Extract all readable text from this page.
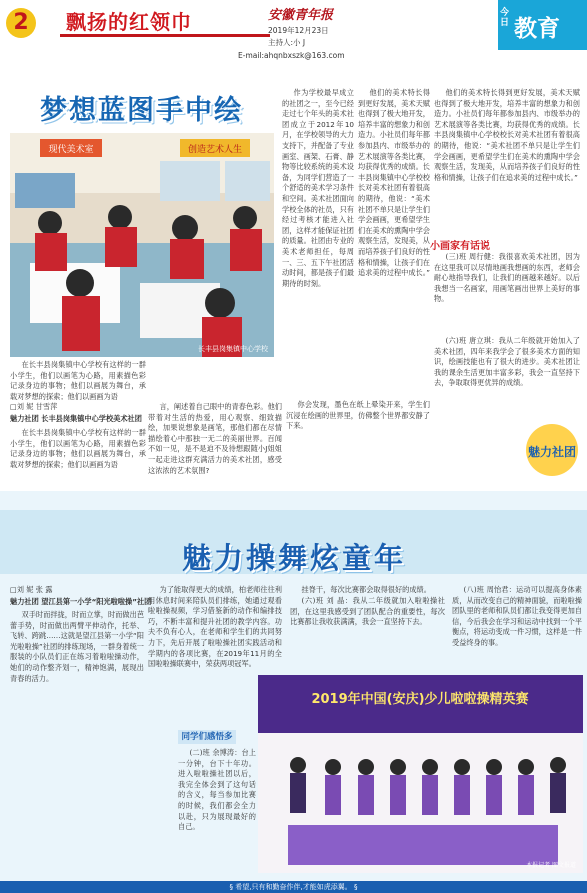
2	飘扬的红领巾	安徽青年报
2019年12月23日
主持人:小 J
E-mail:ahqnbxszk@163.com
今日 教育
梦想蓝图手中绘
现代美术室	创造艺术人生
长丰县岗集镇中心学校

在长丰县岗集镇中心学校有这样的一群小学生，他们以画笔为心路，用素描色彩记录身边的事物；他们以画展为舞台，承载对梦想的探索；他们以画画为语

□刘 妮 甘雪萍
魅力社团 长丰县岗集镇中心学校美术社团

在长丰县岗集镇中心学校有这样的一群小学生，他们以画笔为心路，用素描色彩记录身边的事物；他们以画展为舞台，承载对梦想的探索；他们以画画为语

言，阐述着自己眼中的青春色彩。他们带着对生活的热爱，用心观察、细致描绘，加果说想象是画笔，那他们都在尽情描绘着心中那独一无二的美丽世界。百闻不如一见，是不是迫不及待想跟随小J姐姐一起走进这群充满活力的美术社团，感受这浓浓的艺术氛围?

作为学校最早成立的社团之一，至今已经走过七个年头的美术社团成立于2012年10月，在学校领导的大力支持下，并配备了专业画室、画架、石膏、静物等比较系统的美术设备，为同学们营造了一个舒适的美术学习条件和空间。美术社团面向学校全体的社员，只有经过考核才能进入社团，这样才能保证社团的质量。社团由专业的美术老师担任，每周一、三、五下午社团活动时间，都是孩子们最期待的时刻。

他们的美术特长得到更好发展，美术天赋也得到了极大地开发，培养丰富的想象力和创造力。小社员们每年都参加县内、市级举办的艺术展演等各类比赛，均获得优秀的成绩。长丰县岗集镇中心学校校长对美术社团有着很高的期待，他说：“美术社团不单只是让学生们学会画画，更希望学生们在美术的熏陶中学会观察生活，发现美，从而培养孩子们良好的性格和情操，让孩子们在追求美的过程中成长。”

你会发现，墨色在纸上晕染开来，学生们沉浸在绘画的世界里，仿佛整个世界都安静了下来。

他们的美术特长得到更好发展，美术天赋也得到了极大地开发，培养丰富的想象力和创造力。小社员们每年都参加县内、市级举办的艺术展演等各类比赛，均获得优秀的成绩。长丰县岗集镇中心学校校长对美术社团有着很高的期待，他说：“美术社团不单只是让学生们学会画画，更希望学生们在美术的熏陶中学会观察生活，发现美，从而培养孩子们良好的性格和情操，让孩子们在追求美的过程中成长。”

小画家有话说

(三)班 周行健：我很喜欢美术社团，因为在这里我可以尽情地画我想画的东西，老师会耐心地指导我们，让我们的画越来越好。以后我想当一名画家，用画笔画出世界上美好的事物。

(六)班 唐立琪：我从二年级就开始加入了美术社团，四年来我学会了很多美术方面的知识，绘画技能也有了很大的进步。美术社团让我的课余生活更加丰富多彩，我会一直坚持下去，争取取得更优异的成绩。

魅力社团
魅力操舞炫童年
□刘 妮 张 露
魅力社团 望江县第一小学“阳光啦啦操”社团

双手时而拌拢，时而立掌，时而做出芭蕾手势，时而做出两臂平伸动作，托举、飞转、跨跳……这就是望江县第一小学“阳光啦啦操”社团的排练现场，一群身着统一服装的小队员们正在练习着啦啦操动作，她们的动作整齐划一，精神饱满，展现出青春的活力。

为了能取得更大的成绩，柏老师往往利用休息时间来陪队员们排练，她通过观看啦啦操视频，学习借鉴新的动作和编排技巧，不断丰富和提升社团的教学内容。功夫不负有心人，在老师和学生们的共同努力下，先后开展了啦啦操社团实践活动和学期内的各项比赛，在2019年11月的全国啦啦操联赛中，荣获两项冠军。

挂脊干，每次比赛都会取得很好的成绩。

(六)班 刘 晶：我从二年级就加入啦啦操社团，在这里我感受到了团队配合的重要性，每次比赛都让我收获满满，我会一直坚持下去。

(八)班 周怡君：运动可以提高身体素质，从而改变自己的精神面貌，而啦啦操团队里的老师和队员们都让我变得更加自信，今后我会在学习和运动中找到一个平衡点，将运动变成一件习惯，这样是一件受益终身的事。

同学们感悟多

(二)班 余博涛：台上一分钟，台下十年功。进入啦啦操社团以后，我完全体会到了这句话的含义，每当参加比赛的时候，我们都会全力以赴，只为展现最好的自己。

2019年中国(安庆)少儿啦啦操精英赛
本报记者 图文报道
§ 希望,只有和勤奋作伴,才能如虎添翼。 §
